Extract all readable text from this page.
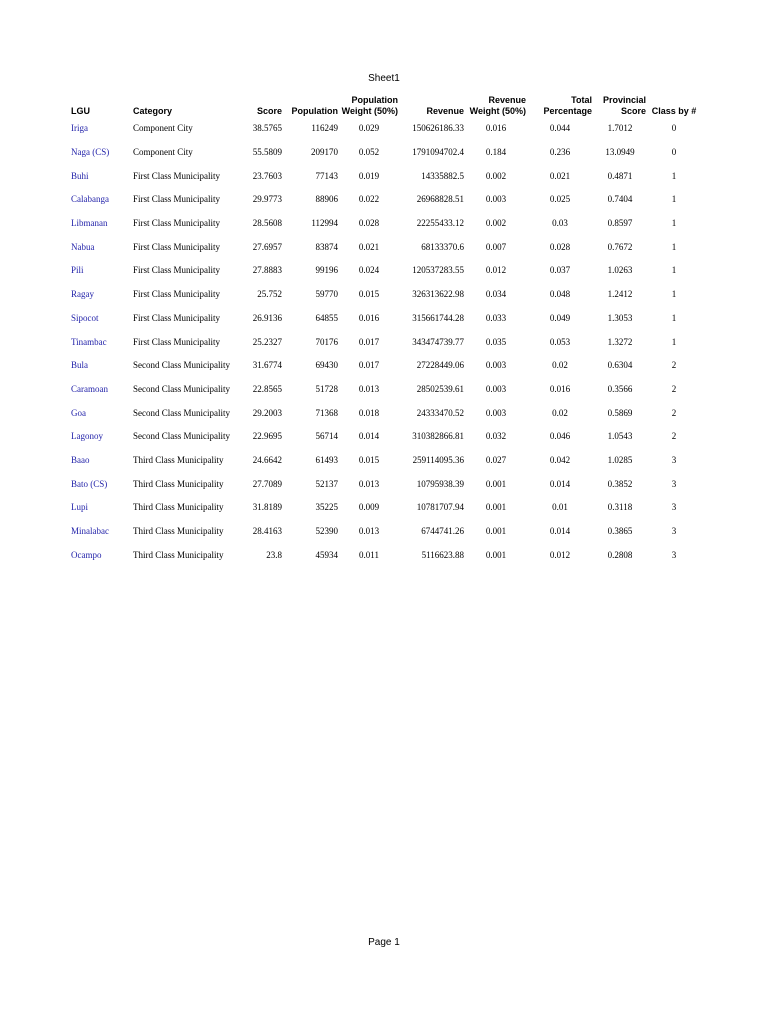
Sheet1
LGU	Category	Score	Population	Population Weight (50%)	Revenue	Revenue Weight (50%)	Total Percentage	Provincial Score	Class by #
Iriga	Component City	38.5765	116249	0.029	150626186.33	0.016	0.044	1.7012	0
Naga (CS)	Component City	55.5809	209170	0.052	1791094702.4	0.184	0.236	13.0949	0
Buhi	First Class Municipality	23.7603	77143	0.019	14335882.5	0.002	0.021	0.4871	1
Calabanga	First Class Municipality	29.9773	88906	0.022	26968828.51	0.003	0.025	0.7404	1
Libmanan	First Class Municipality	28.5608	112994	0.028	22255433.12	0.002	0.03	0.8597	1
Nabua	First Class Municipality	27.6957	83874	0.021	68133370.6	0.007	0.028	0.7672	1
Pili	First Class Municipality	27.8883	99196	0.024	120537283.55	0.012	0.037	1.0263	1
Ragay	First Class Municipality	25.752	59770	0.015	326313622.98	0.034	0.048	1.2412	1
Sipocot	First Class Municipality	26.9136	64855	0.016	315661744.28	0.033	0.049	1.3053	1
Tinambac	First Class Municipality	25.2327	70176	0.017	343474739.77	0.035	0.053	1.3272	1
Bula	Second Class Municipality	31.6774	69430	0.017	27228449.06	0.003	0.02	0.6304	2
Caramoan	Second Class Municipality	22.8565	51728	0.013	28502539.61	0.003	0.016	0.3566	2
Goa	Second Class Municipality	29.2003	71368	0.018	24333470.52	0.003	0.02	0.5869	2
Lagonoy	Second Class Municipality	22.9695	56714	0.014	310382866.81	0.032	0.046	1.0543	2
Baao	Third Class Municipality	24.6642	61493	0.015	259114095.36	0.027	0.042	1.0285	3
Bato (CS)	Third Class Municipality	27.7089	52137	0.013	10795938.39	0.001	0.014	0.3852	3
Lupi	Third Class Municipality	31.8189	35225	0.009	10781707.94	0.001	0.01	0.3118	3
Minalabac	Third Class Municipality	28.4163	52390	0.013	6744741.26	0.001	0.014	0.3865	3
Ocampo	Third Class Municipality	23.8	45934	0.011	5116623.88	0.001	0.012	0.2808	3
Page 1
